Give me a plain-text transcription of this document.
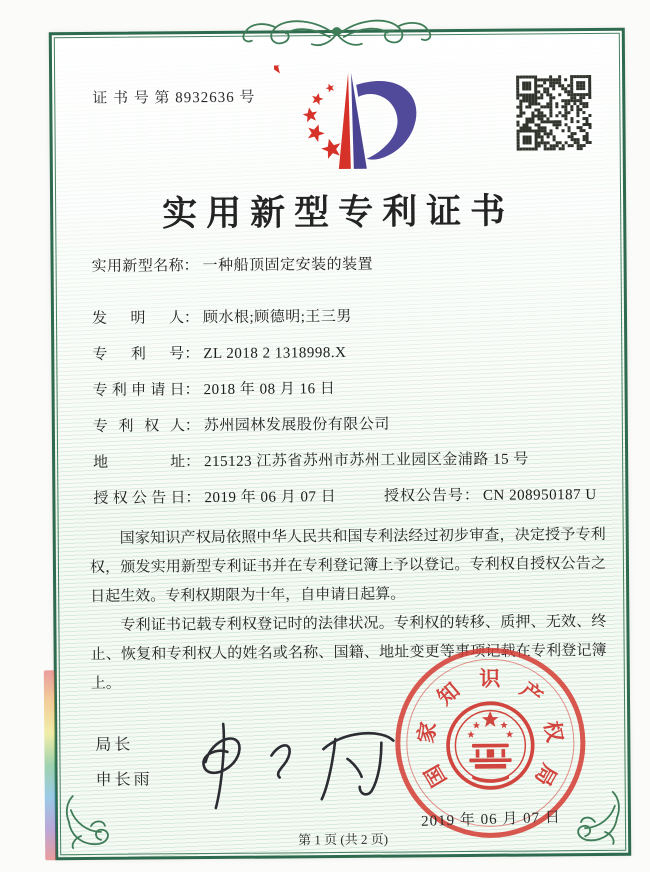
证 书 号 第 8932636 号
实用新型专利证书
实用新型名称： 一种船顶固定安装的装置
发明人： 顾水根;顾德明;王三男
专利号： ZL 2018 2 1318998.X
专利申请日： 2018 年 08 月 16 日
专利权人： 苏州园林发展股份有限公司
地址： 215123 江苏省苏州市苏州工业园区金浦路 15 号
授权公告日： 2019 年 06 月 07 日	授权公告号： CN 208950187 U

国家知识产权局依照中华人民共和国专利法经过初步审查，决定授予专利权，颁发实用新型专利证书并在专利登记簿上予以登记。专利权自授权公告之日起生效。专利权期限为十年，自申请日起算。

专利证书记载专利权登记时的法律状况。专利权的转移、质押、无效、终止、恢复和专利权人的姓名或名称、国籍、地址变更等事项记载在专利登记簿上。

局长
申长雨	国
家
知 识 产
权
局
2019 年 06 月 07 日
第 1 页 (共 2 页)
